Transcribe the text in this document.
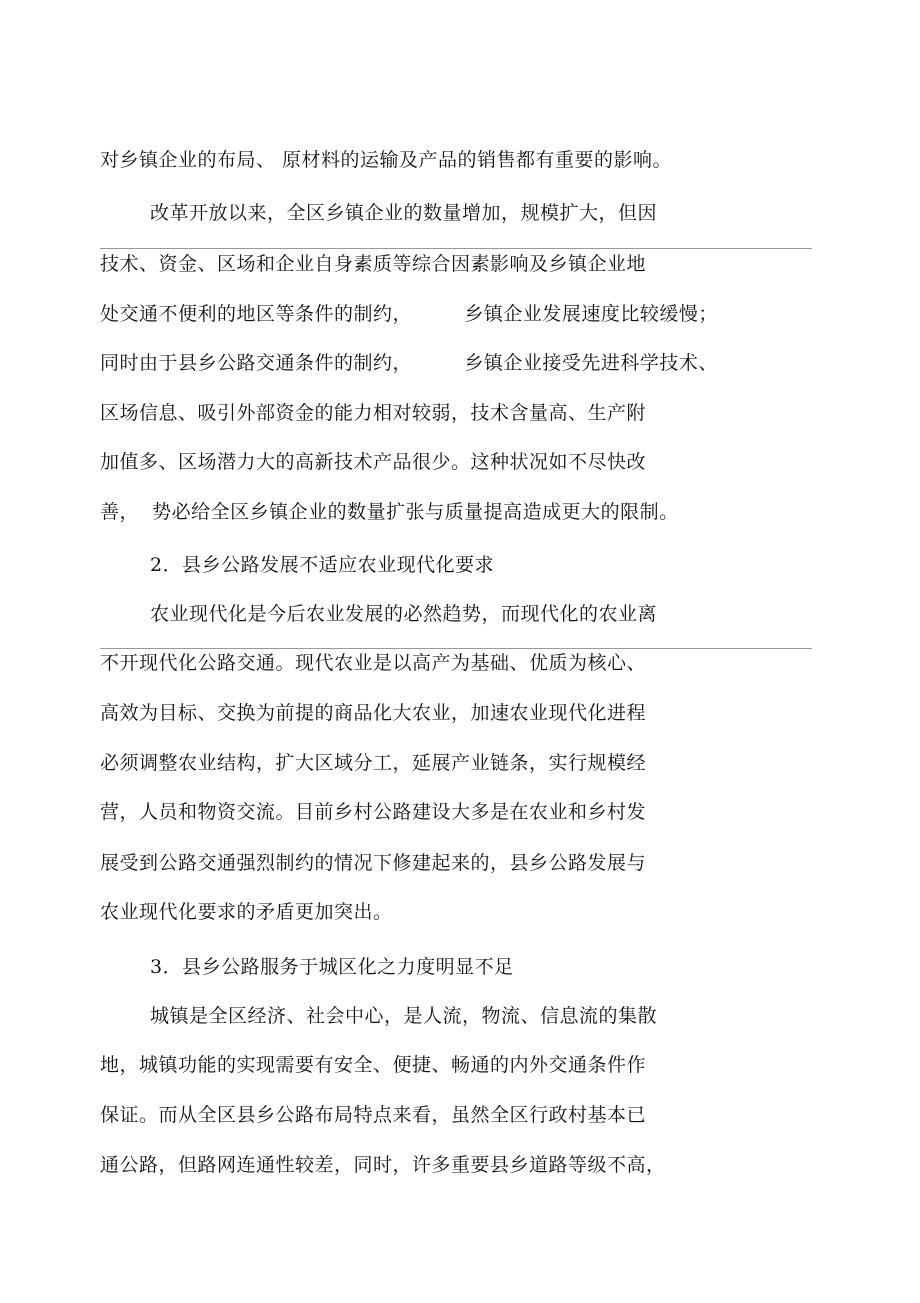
对乡镇企业的布局、 原材料的运输及产品的销售都有重要的影响。
改革开放以来，全区乡镇企业的数量增加，规模扩大，但因
技术、资金、区场和企业自身素质等综合因素影响及乡镇企业地
处交通不便利的地区等条件的制约，        乡镇企业发展速度比较缓慢；
同时由于县乡公路交通条件的制约，        乡镇企业接受先进科学技术、
区场信息、吸引外部资金的能力相对较弱，技术含量高、生产附
加值多、区场潜力大的高新技术产品很少。这种状况如不尽快改
善，  势必给全区乡镇企业的数量扩张与质量提高造成更大的限制。
2．县乡公路发展不适应农业现代化要求
农业现代化是今后农业发展的必然趋势，而现代化的农业离
不开现代化公路交通。现代农业是以高产为基础、优质为核心、
高效为目标、交换为前提的商品化大农业，加速农业现代化进程
必须调整农业结构，扩大区域分工，延展产业链条，实行规模经
营，人员和物资交流。目前乡村公路建设大多是在农业和乡村发
展受到公路交通强烈制约的情况下修建起来的，县乡公路发展与
农业现代化要求的矛盾更加突出。
3．县乡公路服务于城区化之力度明显不足
城镇是全区经济、社会中心，是人流，物流、信息流的集散
地，城镇功能的实现需要有安全、便捷、畅通的内外交通条件作
保证。而从全区县乡公路布局特点来看，虽然全区行政村基本已
通公路，但路网连通性较差，同时，许多重要县乡道路等级不高，
